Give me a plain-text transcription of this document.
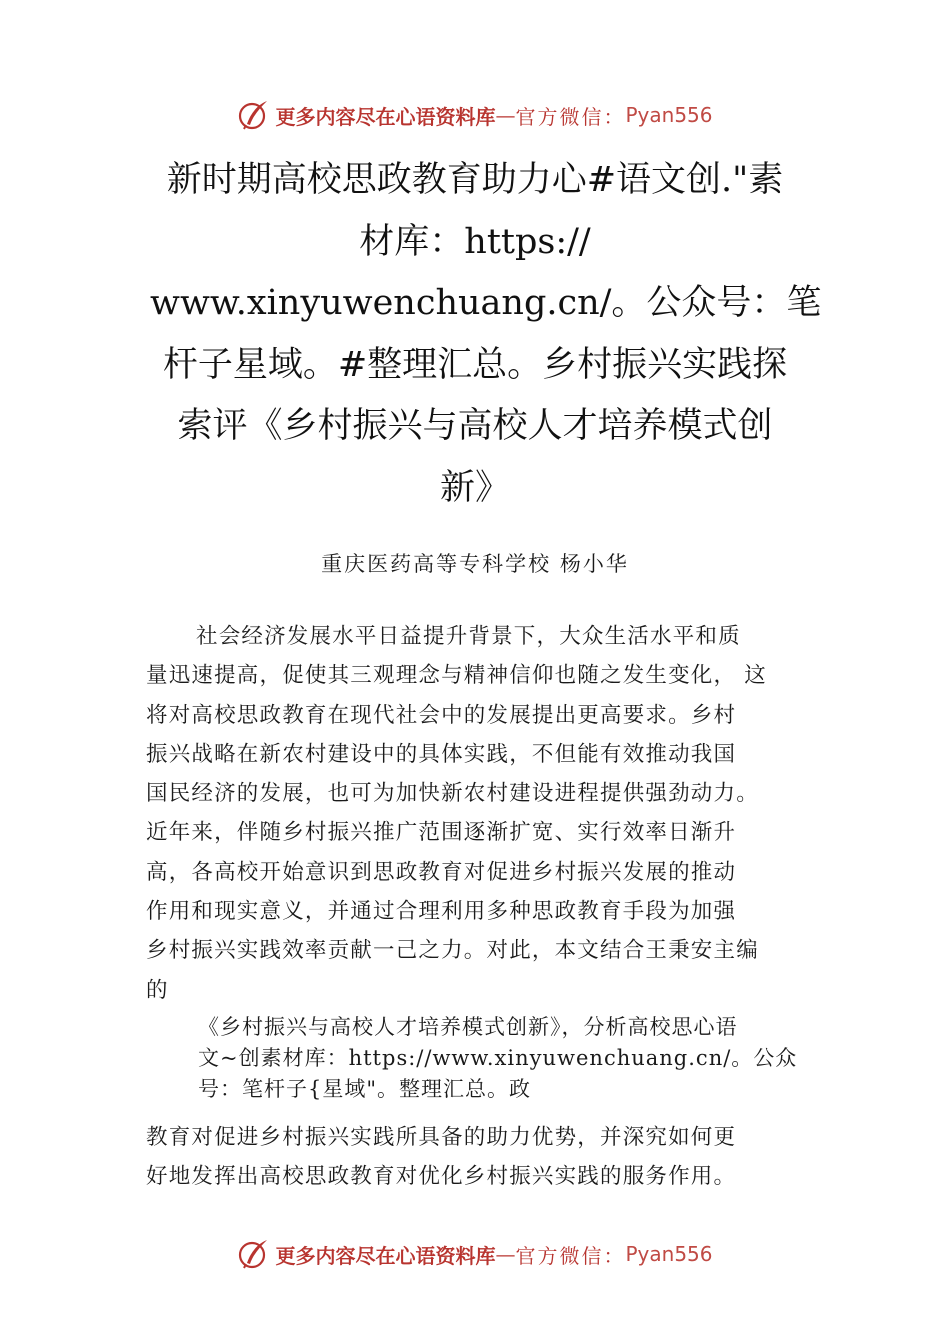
更多内容尽在心语资料库 — 官方微信： Pyan556
新时期高校思政教育助力心#语文创."素
材库：https://
www.xinyuwenchuang.cn/。公众号：笔
杆子星域。#整理汇总。乡村振兴实践探
索评《乡村振兴与高校人才培养模式创
新》
重庆医药高等专科学校 杨小华
社会经济发展水平日益提升背景下，大众生活水平和质
量迅速提高，促使其三观理念与精神信仰也随之发生变化， 这
将对高校思政教育在现代社会中的发展提出更高要求。乡村
振兴战略在新农村建设中的具体实践，不但能有效推动我国
国民经济的发展，也可为加快新农村建设进程提供强劲动力。
近年来，伴随乡村振兴推广范围逐渐扩宽、实行效率日渐升
高，各高校开始意识到思政教育对促进乡村振兴发展的推动
作用和现实意义，并通过合理利用多种思政教育手段为加强
乡村振兴实践效率贡献一己之力。对此，本文结合王秉安主编
的
《乡村振兴与高校人才培养模式创新》，分析高校思心语
文~创素材库：https://www.xinyuwenchuang.cn/。公众
号：笔杆子{星域"。整理汇总。政
教育对促进乡村振兴实践所具备的助力优势，并深究如何更
好地发挥出高校思政教育对优化乡村振兴实践的服务作用。
更多内容尽在心语资料库 — 官方微信： Pyan556
